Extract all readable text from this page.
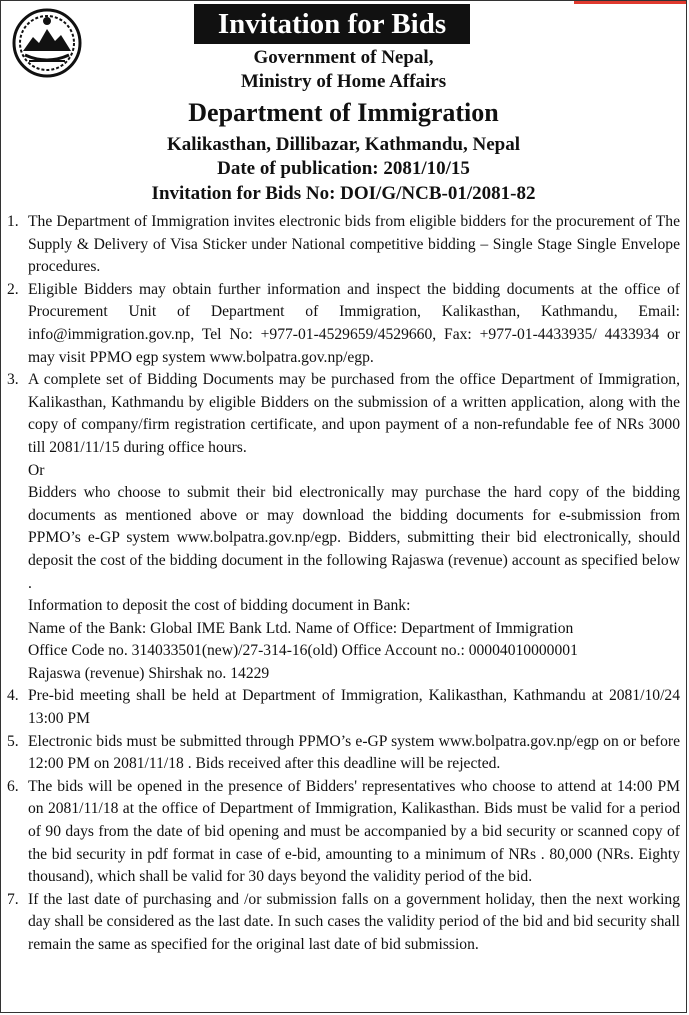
Invitation for Bids
Government of Nepal,
Ministry of Home Affairs
Department of Immigration
Kalikasthan, Dillibazar, Kathmandu, Nepal
Date of publication: 2081/10/15
Invitation for Bids No: DOI/G/NCB-01/2081-82
1. The Department of Immigration invites electronic bids from eligible bidders for the procurement of The Supply & Delivery of Visa Sticker under National competitive bidding – Single Stage Single Envelope procedures.

2. Eligible Bidders may obtain further information and inspect the bidding documents at the office of Procurement Unit of Department of Immigration, Kalikasthan, Kathmandu, Email: info@immigration.gov.np, Tel No: +977-01-4529659/4529660, Fax: +977-01-4433935/ 4433934 or may visit PPMO egp system www.bolpatra.gov.np/egp.

3. A complete set of Bidding Documents may be purchased from the office Department of Immigration, Kalikasthan, Kathmandu by eligible Bidders on the submission of a written application, along with the copy of company/firm registration certificate, and upon payment of a non-refundable fee of NRs 3000 till 2081/11/15 during office hours.

Or

Bidders who choose to submit their bid electronically may purchase the hard copy of the bidding documents as mentioned above or may download the bidding documents for e-submission from PPMO’s e-GP system www.bolpatra.gov.np/egp. Bidders, submitting their bid electronically, should deposit the cost of the bidding document in the following Rajaswa (revenue) account as specified below .

Information to deposit the cost of bidding document in Bank:

Name of the Bank: Global IME Bank Ltd. Name of Office: Department of Immigration

Office Code no. 314033501(new)/27-314-16(old) Office Account no.: 00004010000001

Rajaswa (revenue) Shirshak no. 14229

4. Pre-bid meeting shall be held at Department of Immigration, Kalikasthan, Kathmandu at 2081/10/24 13:00 PM

5. Electronic bids must be submitted through PPMO’s e-GP system www.bolpatra.gov.np/egp on or before 12:00 PM on 2081/11/18 . Bids received after this deadline will be rejected.

6. The bids will be opened in the presence of Bidders' representatives who choose to attend at 14:00 PM on 2081/11/18 at the office of Department of Immigration, Kalikasthan. Bids must be valid for a period of 90 days from the date of bid opening and must be accompanied by a bid security or scanned copy of the bid security in pdf format in case of e-bid, amounting to a minimum of NRs . 80,000 (NRs. Eighty thousand), which shall be valid for 30 days beyond the validity period of the bid.

7. If the last date of purchasing and /or submission falls on a government holiday, then the next working day shall be considered as the last date. In such cases the validity period of the bid and bid security shall remain the same as specified for the original last date of bid submission.
